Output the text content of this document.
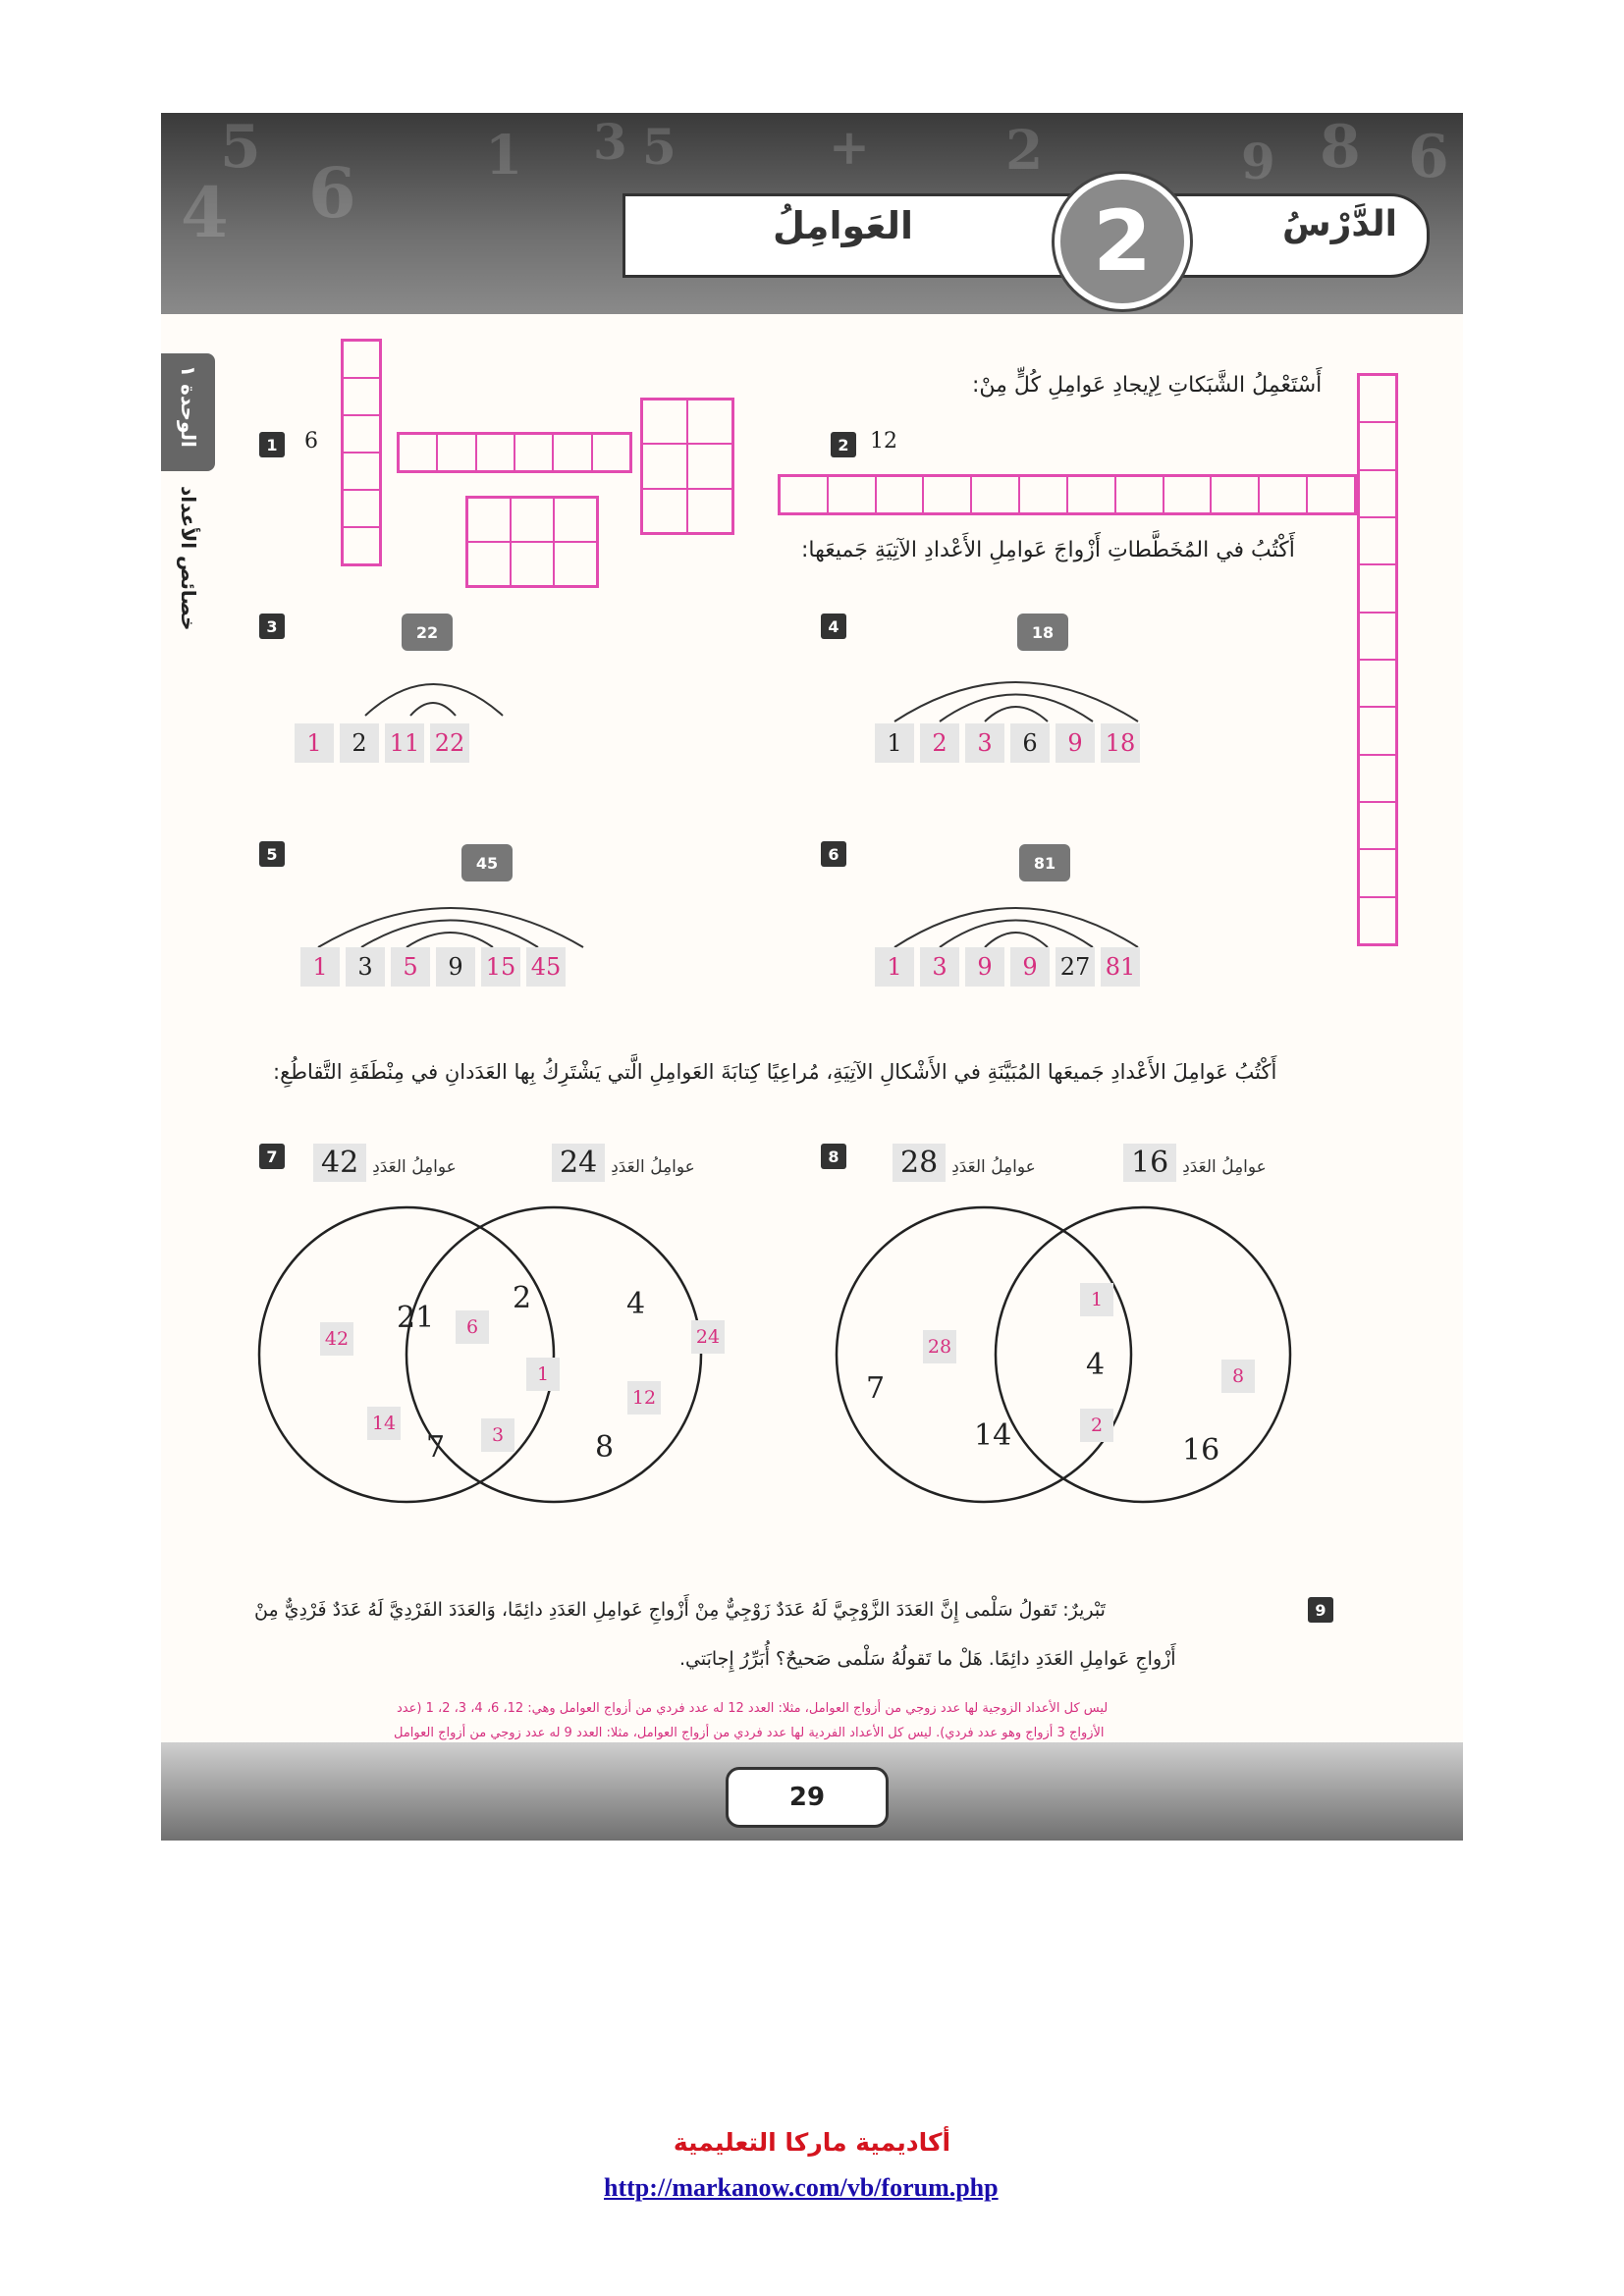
4
5
6
3 5	+	2	8 6
1	9
الدَّرْسُ
العَوامِلُ 2
الوحدة ١
خصائص الأعداد
أَسْتَعْمِلُ الشَّبَكاتِ لِإيجادِ عَوامِلِ كُلٍّ مِنْ:
1	6	2 12
أَكْتُبُ في المُخَطَّطاتِ أَزْواجَ عَوامِلِ الأَعْدادِ الآتِيَةِ جَميعَها:
3	22
1	2 11 22
4	18
1	2	3	6	9 18
5	45
1	3	5	9 15 45
6	81
1	3	9	9 27 81
أَكْتُبُ عَوامِلَ الأَعْدادِ جَميعَها المُبَيَّنَةِ في الأَشْكالِ الآتِيَةِ، مُراعِيًا كِتابَةَ العَوامِلِ الَّتي يَشْتَرِكُ بِها العَدَدانِ في مِنْطَقَةِ التَّقاطُعِ:
7 42 عوامِلُ العَدَدِ	24 عوامِلُ العَدَدِ
42
21
14
7
2
6
1
3
4
24
12
8
8 28 عوامِلُ العَدَدِ	16 عوامِلُ العَدَدِ
28
7
14
1
4
2
8
16
9
تَبْريرٌ: تَقولُ سَلْمى إِنَّ العَدَدَ الزَّوْجِيَّ لَهُ عَدَدٌ زَوْجِيٌّ مِنْ أَزْواجِ عَوامِلِ العَدَدِ دائِمًا، وَالعَدَدَ الفَرْدِيَّ لَهُ عَدَدٌ فَرْدِيٌّ مِنْ
أَزْواجِ عَوامِلِ العَدَدِ دائِمًا. هَلْ ما تَقولُهُ سَلْمى صَحيحٌ؟ أُبَرِّرُ إِجابَتي.
ليس كل الأعداد الزوجية لها عدد زوجي من أزواج العوامل، مثلا: العدد 12 له عدد فردي من أزواج العوامل وهي: 12، 6، 4، 3، 2، 1 (عدد
الأزواج 3 أزواج وهو عدد فردي). ليس كل الأعداد الفردية لها عدد فردي من أزواج العوامل، مثلا: العدد 9 له عدد زوجي من أزواج العوامل
29
أكاديمية ماركا التعليمية
http://markanow.com/vb/forum.php
